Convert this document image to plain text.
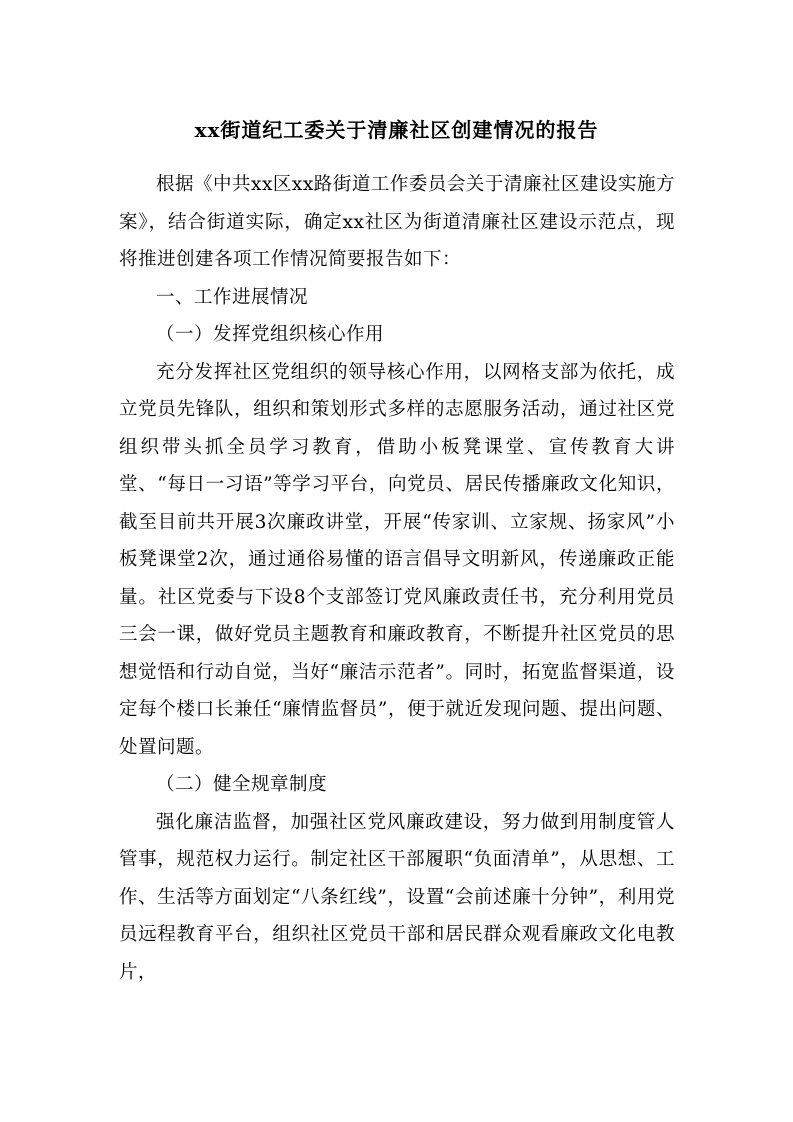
xx街道纪工委关于清廉社区创建情况的报告

根据《中共xx区xx路街道工作委员会关于清廉社区建设实施方案》，结合街道实际，确定xx社区为街道清廉社区建设示范点，现将推进创建各项工作情况简要报告如下：

一、工作进展情况

（一）发挥党组织核心作用

充分发挥社区党组织的领导核心作用，以网格支部为依托，成立党员先锋队，组织和策划形式多样的志愿服务活动，通过社区党组织带头抓全员学习教育，借助小板凳课堂、宣传教育大讲堂、“每日一习语”等学习平台，向党员、居民传播廉政文化知识，截至目前共开展3次廉政讲堂，开展“传家训、立家规、扬家风”小板凳课堂2次，通过通俗易懂的语言倡导文明新风，传递廉政正能量。社区党委与下设8个支部签订党风廉政责任书，充分利用党员三会一课，做好党员主题教育和廉政教育，不断提升社区党员的思想觉悟和行动自觉，当好“廉洁示范者”。同时，拓宽监督渠道，设定每个楼口长兼任“廉情监督员”，便于就近发现问题、提出问题、处置问题。

（二）健全规章制度

强化廉洁监督，加强社区党风廉政建设，努力做到用制度管人管事，规范权力运行。制定社区干部履职“负面清单”，从思想、工作、生活等方面划定“八条红线”，设置“会前述廉十分钟”，利用党员远程教育平台，组织社区党员干部和居民群众观看廉政文化电教片，
